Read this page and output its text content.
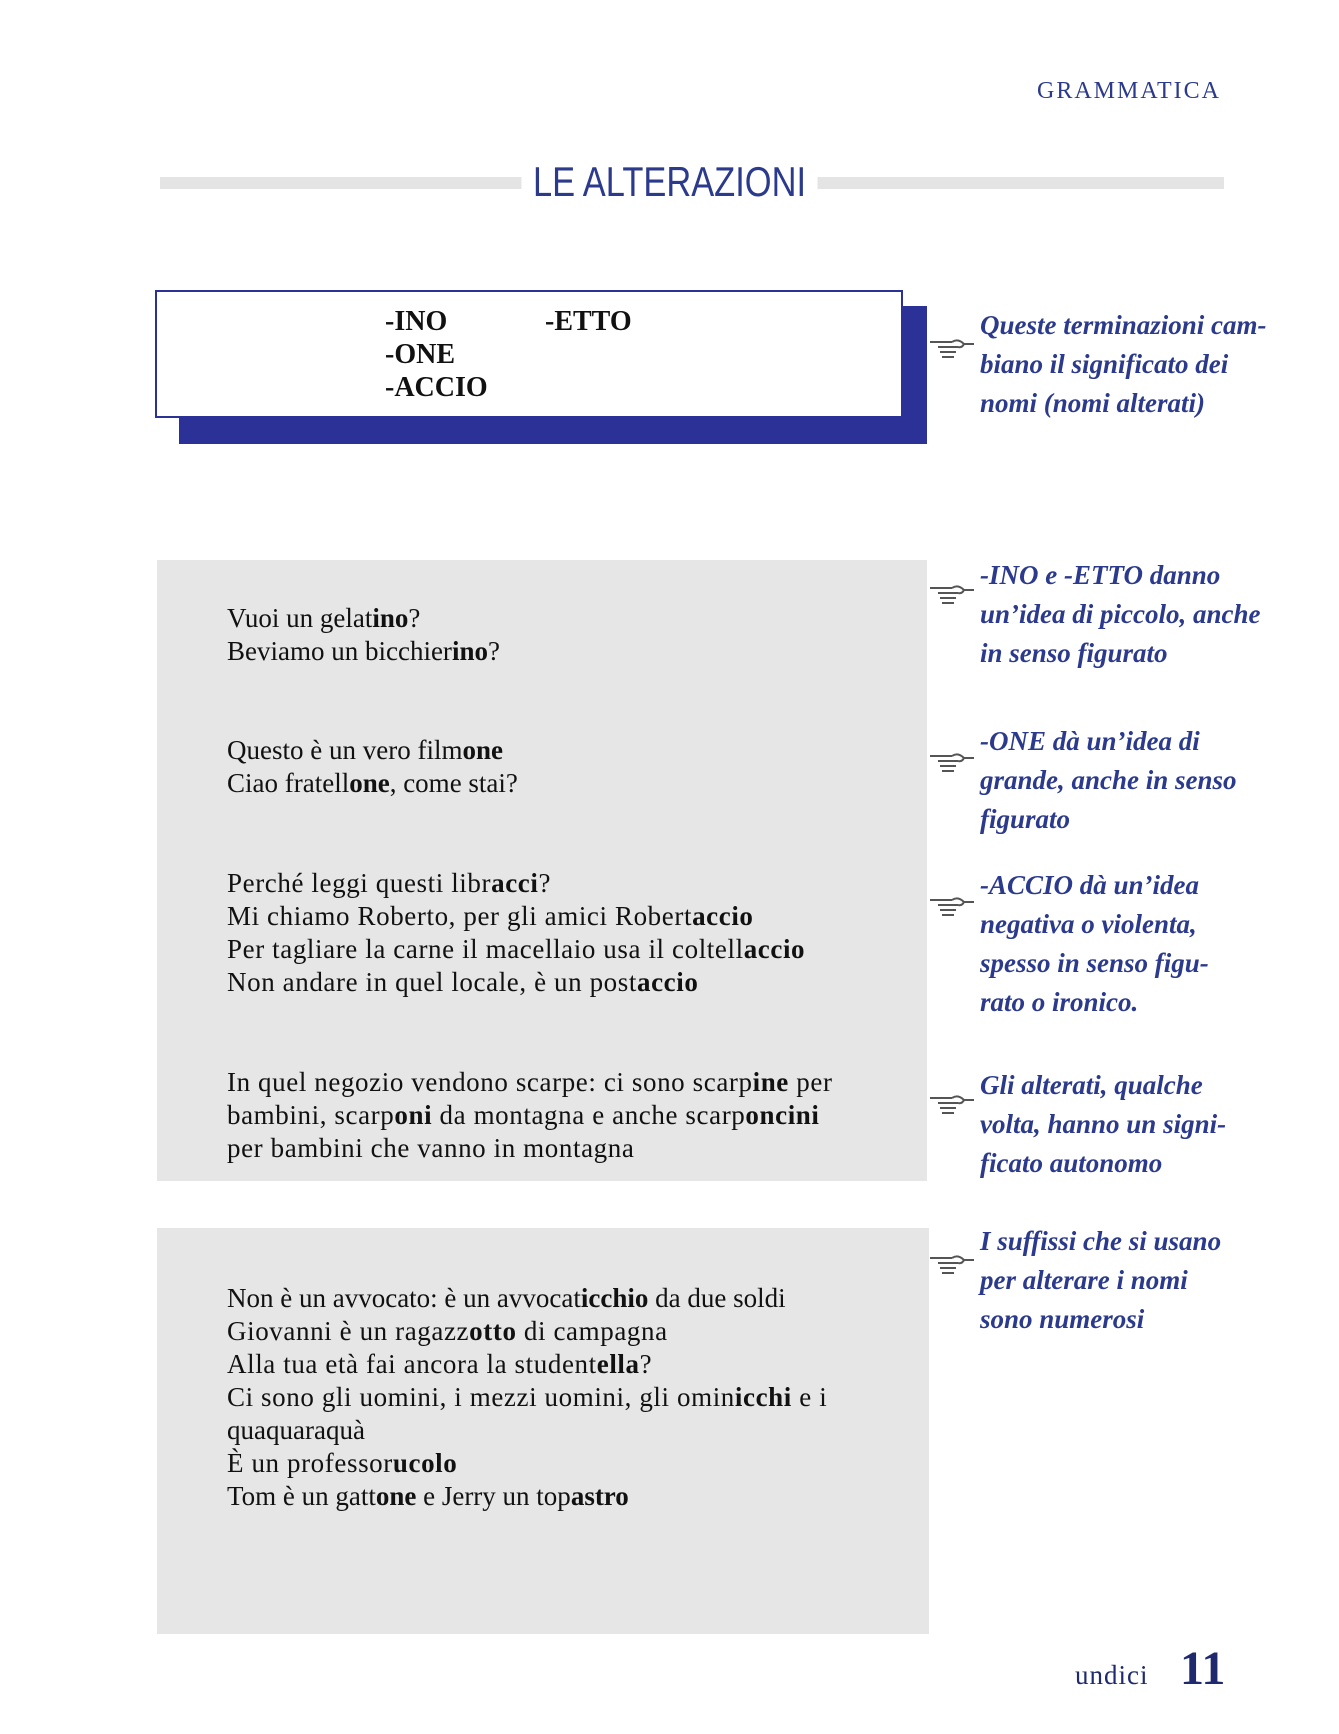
GRAMMATICA
LE ALTERAZIONI
-INO	-ETTO
-ONE
-ACCIO
Vuoi un gelatino?
Beviamo un bicchierino?
Questo è un vero filmone
Ciao fratellone, come stai?
Perché leggi questi libracci?
Mi chiamo Roberto, per gli amici Robertaccio
Per tagliare la carne il macellaio usa il coltellaccio
Non andare in quel locale, è un postaccio
In quel negozio vendono scarpe: ci sono scarpine per
bambini, scarponi da montagna e anche scarponcini
per bambini che vanno in montagna
Non è un avvocato: è un avvocaticchio da due soldi
Giovanni è un ragazzotto di campagna
Alla tua età fai ancora la studentella?
Ci sono gli uomini, i mezzi uomini, gli ominicchi e i
quaquaraquà
È un professorucolo
Tom è un gattone e Jerry un topastro
Queste terminazioni cam-
biano il significato dei
nomi (nomi alterati)
-INO e -ETTO danno
un’idea di piccolo, anche
in senso figurato
-ONE dà un’idea di
grande, anche in senso
figurato
-ACCIO dà un’idea
negativa o violenta,
spesso in senso figu-
rato o ironico.
Gli alterati, qualche
volta, hanno un signi-
ficato autonomo
I suffissi che si usano
per alterare i nomi
sono numerosi
undici 11
